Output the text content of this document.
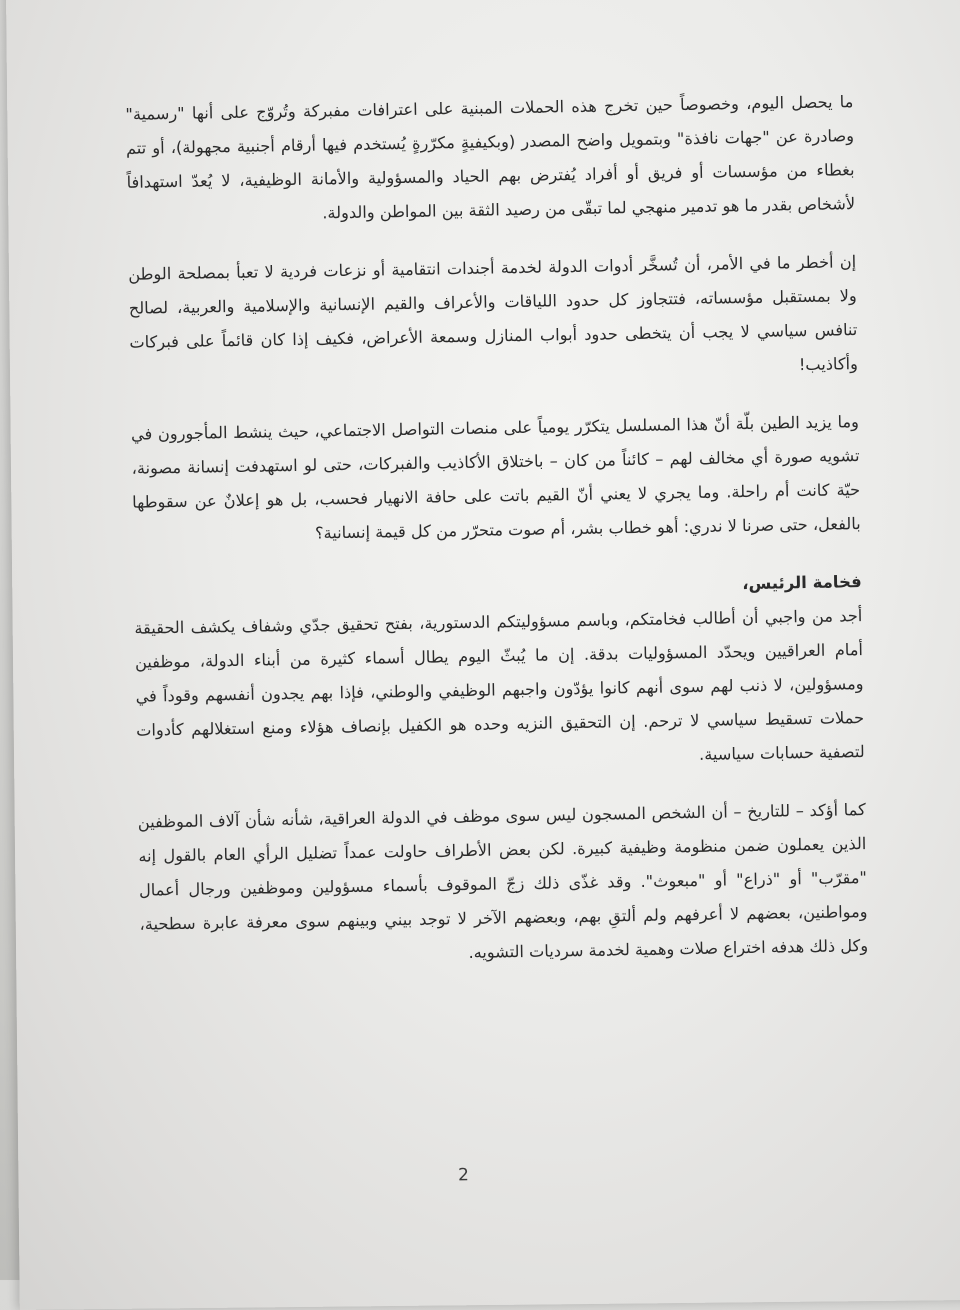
ما يحصل اليوم، وخصوصاً حين تخرج هذه الحملات المبنية على اعترافات مفبركة وتُروّج على أنها "رسمية" وصادرة عن "جهات نافذة" وبتمويل واضح المصدر (وبكيفيةٍ مكرّرةٍ يُستخدم فيها أرقام أجنبية مجهولة)، أو تتم بغطاء من مؤسسات أو فريق أو أفراد يُفترض بهم الحياد والمسؤولية والأمانة الوظيفية، لا يُعدّ استهدافاً لأشخاص بقدر ما هو تدمير منهجي لما تبقّى من رصيد الثقة بين المواطن والدولة.

إن أخطر ما في الأمر، أن تُسخَّر أدوات الدولة لخدمة أجندات انتقامية أو نزعات فردية لا تعبأ بمصلحة الوطن ولا بمستقبل مؤسساته، فتتجاوز كل حدود اللياقات والأعراف والقيم الإنسانية والإسلامية والعربية، لصالح تنافس سياسي لا يجب أن يتخطى حدود أبواب المنازل وسمعة الأعراض، فكيف إذا كان قائماً على فبركات وأكاذيب!

وما يزيد الطين بلّة أنّ هذا المسلسل يتكرّر يومياً على منصات التواصل الاجتماعي، حيث ينشط المأجورون في تشويه صورة أي مخالف لهم – كائناً من كان – باختلاق الأكاذيب والفبركات، حتى لو استهدفت إنسانة مصونة، حيّة كانت أم راحلة. وما يجري لا يعني أنّ القيم باتت على حافة الانهيار فحسب، بل هو إعلانٌ عن سقوطها بالفعل، حتى صرنا لا ندري: أهو خطاب بشر، أم صوت متحرّر من كل قيمة إنسانية؟

فخامة الرئيس،

أجد من واجبي أن أطالب فخامتكم، وباسم مسؤوليتكم الدستورية، بفتح تحقيق جدّي وشفاف يكشف الحقيقة أمام العراقيين ويحدّد المسؤوليات بدقة. إن ما يُبثّ اليوم يطال أسماء كثيرة من أبناء الدولة، موظفين ومسؤولين، لا ذنب لهم سوى أنهم كانوا يؤدّون واجبهم الوظيفي والوطني، فإذا بهم يجدون أنفسهم وقوداً في حملات تسقيط سياسي لا ترحم. إن التحقيق النزيه وحده هو الكفيل بإنصاف هؤلاء ومنع استغلالهم كأدوات لتصفية حسابات سياسية.

كما أؤكد – للتاريخ – أن الشخص المسجون ليس سوى موظف في الدولة العراقية، شأنه شأن آلاف الموظفين الذين يعملون ضمن منظومة وظيفية كبيرة. لكن بعض الأطراف حاولت عمداً تضليل الرأي العام بالقول إنه "مقرّب" أو "ذراع" أو "مبعوث". وقد غذّى ذلك زجّ الموقوف بأسماء مسؤولين وموظفين ورجال أعمال ومواطنين، بعضهم لا أعرفهم ولم ألتقِ بهم، وبعضهم الآخر لا توجد بيني وبينهم سوى معرفة عابرة سطحية، وكل ذلك هدفه اختراع صلات وهمية لخدمة سرديات التشويه.

2
